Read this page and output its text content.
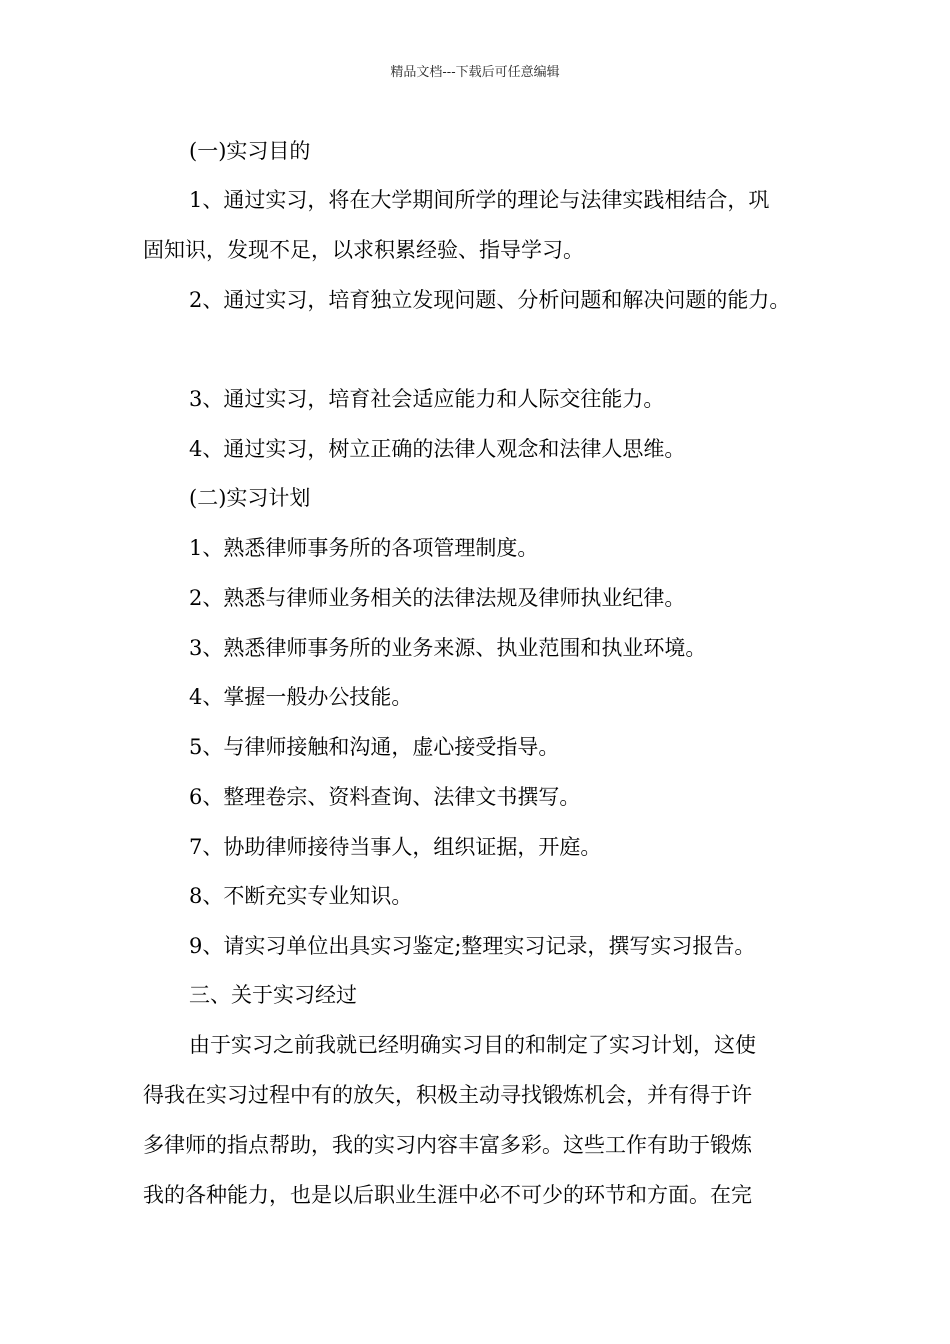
精品文档---下载后可任意编辑
(一)实习目的
1、通过实习，将在大学期间所学的理论与法律实践相结合，巩
固知识，发现不足，以求积累经验、指导学习。
2、通过实习，培育独立发现问题、分析问题和解决问题的能力。
3、通过实习，培育社会适应能力和人际交往能力。
4、通过实习，树立正确的法律人观念和法律人思维。
(二)实习计划
1、熟悉律师事务所的各项管理制度。
2、熟悉与律师业务相关的法律法规及律师执业纪律。
3、熟悉律师事务所的业务来源、执业范围和执业环境。
4、掌握一般办公技能。
5、与律师接触和沟通，虚心接受指导。
6、整理卷宗、资料查询、法律文书撰写。
7、协助律师接待当事人，组织证据，开庭。
8、不断充实专业知识。
9、请实习单位出具实习鉴定;整理实习记录，撰写实习报告。
三、关于实习经过
由于实习之前我就已经明确实习目的和制定了实习计划，这使
得我在实习过程中有的放矢，积极主动寻找锻炼机会，并有得于许
多律师的指点帮助，我的实习内容丰富多彩。这些工作有助于锻炼
我的各种能力，也是以后职业生涯中必不可少的环节和方面。在完
